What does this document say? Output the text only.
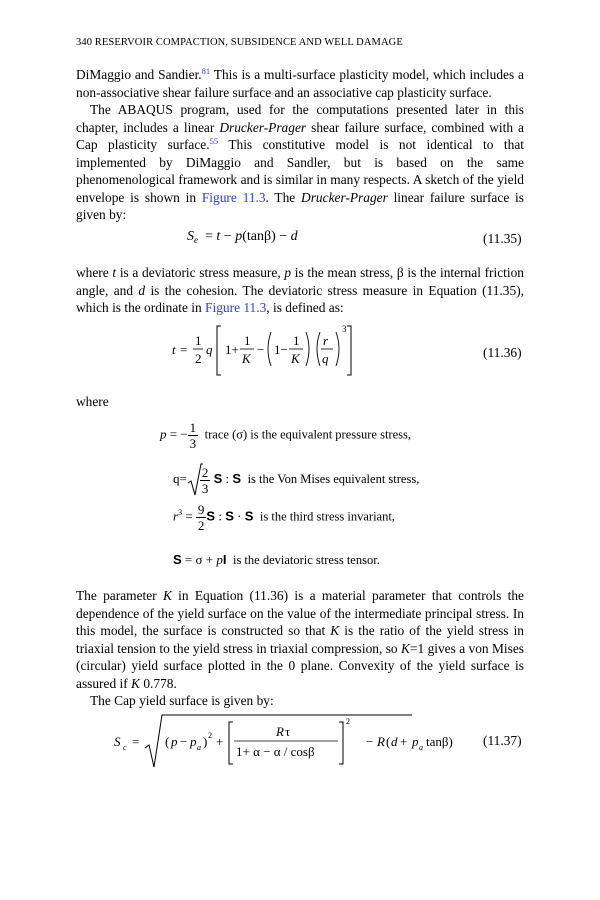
340 RESERVOIR COMPACTION, SUBSIDENCE AND WELL DAMAGE
DiMaggio and Sandier.$^{81}$ This is a multi-surface plasticity model, which includes a non-associative shear failure surface and an associative cap plasticity surface.
The ABAQUS program, used for the computations presented later in this chapter, includes a linear Drucker-Prager shear failure surface, combined with a Cap plasticity surface.$^{55}$ This constitutive model is not identical to that implemented by DiMaggio and Sandler, but is based on the same phenomenological framework and is similar in many respects. A sketch of the yield envelope is shown in Figure 11.3. The Drucker-Prager linear failure surface is given by:
$S_e = t - p(\tan\beta) - d$	(11.35)
where t is a deviatoric stress measure, p is the mean stress, β is the internal friction angle, and d is the cohesion. The deviatoric stress measure in Equation (11.35), which is the ordinate in Figure 11.3, is defined as:
t =
1
2
q 1+
1
K
− 1−
1
K
r
q
3
(11.36)
where
p = − $\frac{1}{3}$ trace (σ) is the equivalent pressure stress,
$q= \frac{2}{3}$ S : S is the Von Mises equivalent stress,
$r^3 = \frac{9}{2}$ S : S · S is the third stress invariant,
S = σ + pI is the deviatoric stress tensor.
The parameter K in Equation (11.36) is a material parameter that controls the dependence of the yield surface on the value of the intermediate principal stress. In this model, the surface is constructed so that K is the ratio of the yield stress in triaxial tension to the yield stress in triaxial compression, so K=1 gives a von Mises (circular) yield surface plotted in the 0 plane. Convexity of the yield surface is assured if K 0.778.
The Cap yield surface is given by:
S c = ( p − p a ) 2 +
R τ
1+ α − α / cosβ
2
− R ( d + p a tanβ) (11.37)
